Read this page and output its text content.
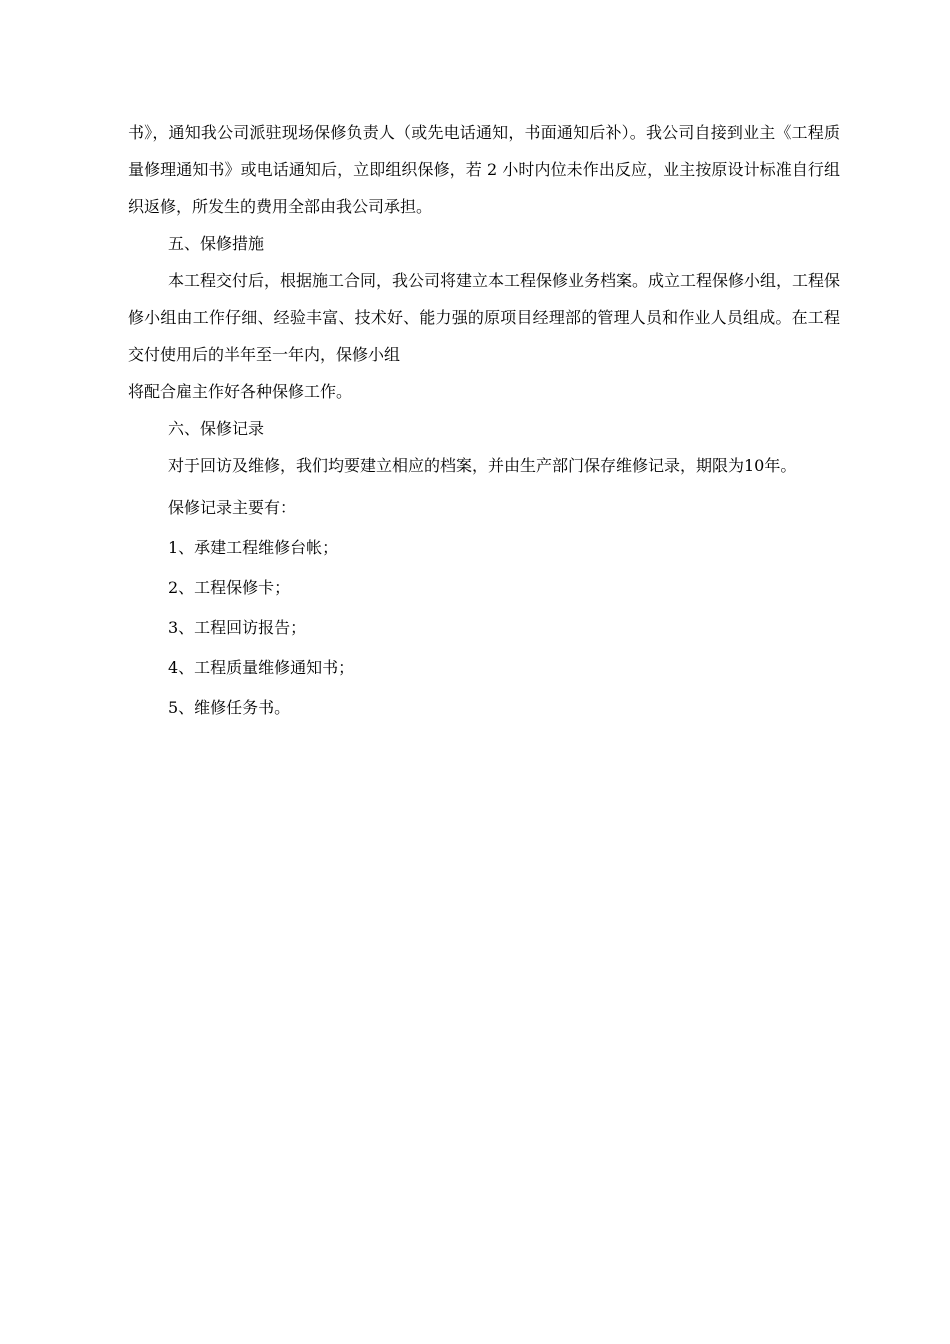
书》，通知我公司派驻现场保修负责人（或先电话通知，书面通知后补）。我公司自接到业主《工程质量修理通知书》或电话通知后，立即组织保修，若 2 小时内位未作出反应，业主按原设计标准自行组织返修，所发生的费用全部由我公司承担。

五、保修措施

本工程交付后，根据施工合同，我公司将建立本工程保修业务档案。成立工程保修小组，工程保修小组由工作仔细、经验丰富、技术好、能力强的原项目经理部的管理人员和作业人员组成。在工程交付使用后的半年至一年内，保修小组

将配合雇主作好各种保修工作。

六、保修记录

对于回访及维修，我们均要建立相应的档案，并由生产部门保存维修记录，期限为10年。

保修记录主要有：

1、承建工程维修台帐；

2、工程保修卡；

3、工程回访报告；

4、工程质量维修通知书；

5、维修任务书。
